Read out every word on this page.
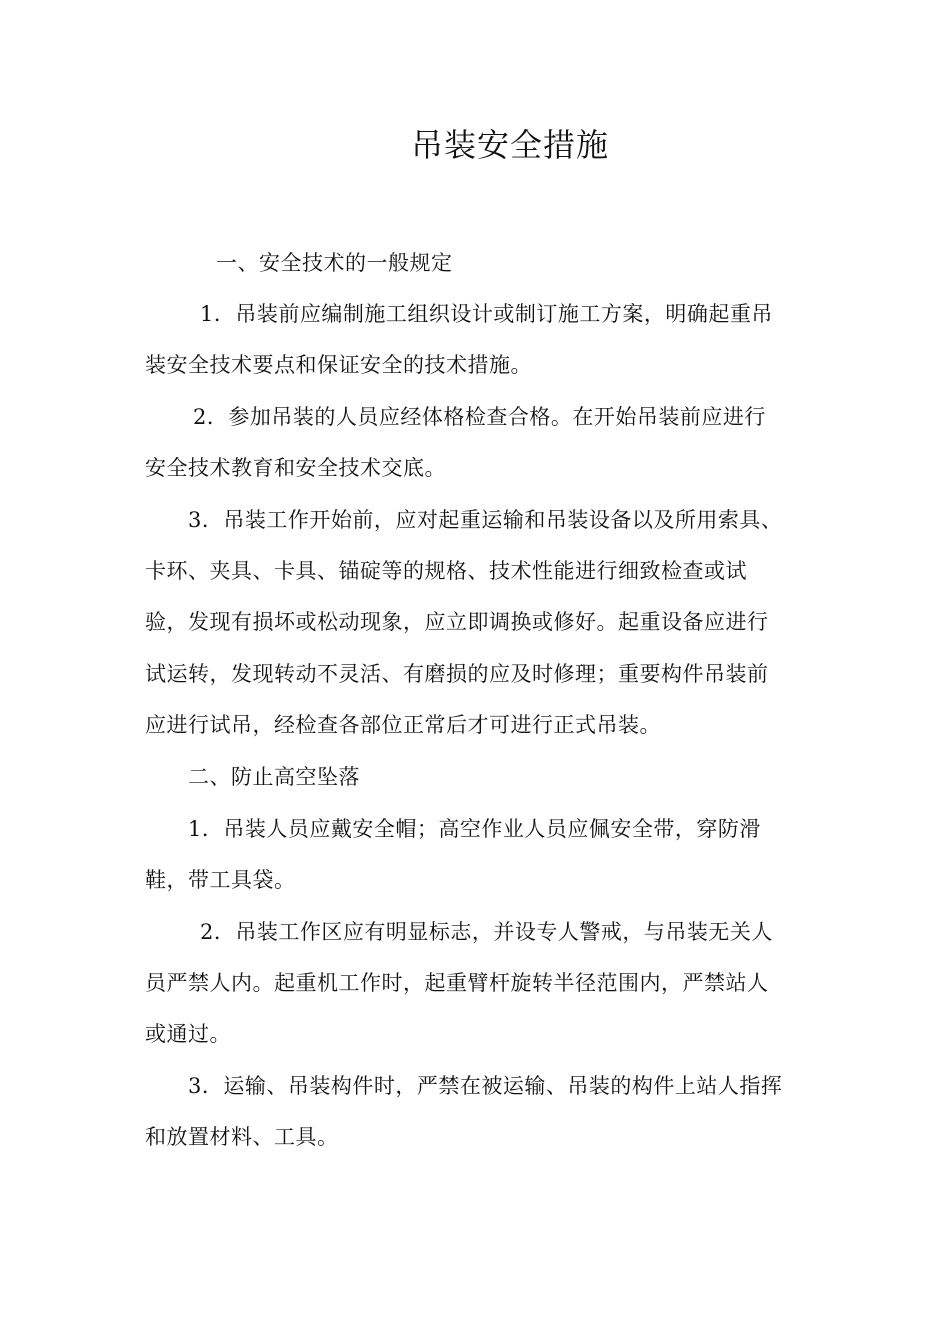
吊装安全措施
一、安全技术的一般规定
1．吊装前应编制施工组织设计或制订施工方案，明确起重吊
装安全技术要点和保证安全的技术措施。
2．参加吊装的人员应经体格检查合格。在开始吊装前应进行
安全技术教育和安全技术交底。
3．吊装工作开始前，应对起重运输和吊装设备以及所用索具、
卡环、夹具、卡具、锚碇等的规格、技术性能进行细致检查或试
验，发现有损坏或松动现象，应立即调换或修好。起重设备应进行
试运转，发现转动不灵活、有磨损的应及时修理；重要构件吊装前
应进行试吊，经检查各部位正常后才可进行正式吊装。
二、防止高空坠落
1．吊装人员应戴安全帽；高空作业人员应佩安全带，穿防滑
鞋，带工具袋。
2．吊装工作区应有明显标志，并设专人警戒，与吊装无关人
员严禁人内。起重机工作时，起重臂杆旋转半径范围内，严禁站人
或通过。
3．运输、吊装构件时，严禁在被运输、吊装的构件上站人指挥
和放置材料、工具。
